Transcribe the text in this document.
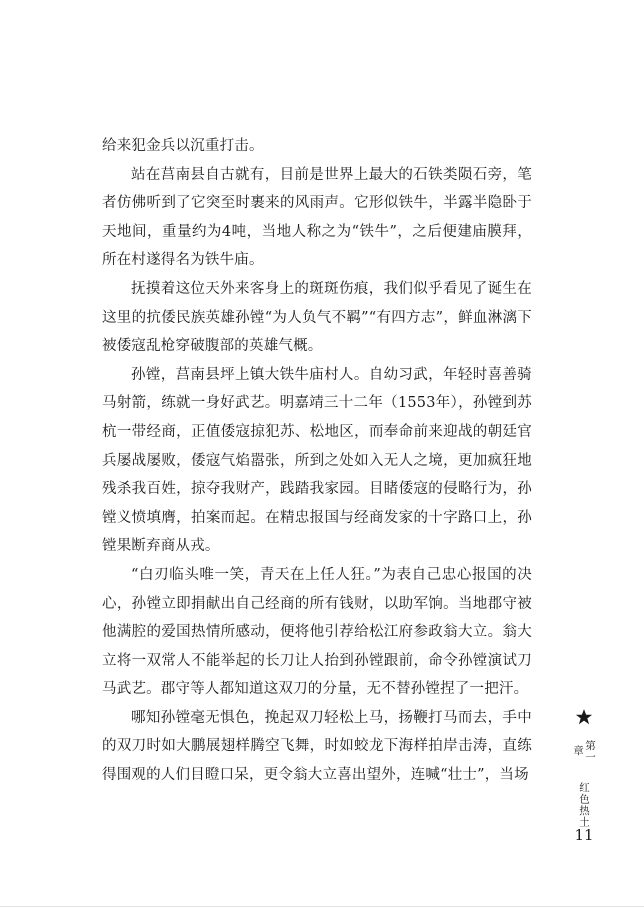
给来犯金兵以沉重打击。

站在莒南县自古就有，目前是世界上最大的石铁类陨石旁，笔者仿佛听到了它突至时裹来的风雨声。它形似铁牛，半露半隐卧于天地间，重量约为4吨，当地人称之为“铁牛”，之后便建庙膜拜，所在村遂得名为铁牛庙。

抚摸着这位天外来客身上的斑斑伤痕，我们似乎看见了诞生在这里的抗倭民族英雄孙镗“为人负气不羁”“有四方志”，鲜血淋漓下被倭寇乱枪穿破腹部的英雄气概。

孙镗，莒南县坪上镇大铁牛庙村人。自幼习武，年轻时喜善骑马射箭，练就一身好武艺。明嘉靖三十二年（1553年），孙镗到苏杭一带经商，正值倭寇掠犯苏、松地区，而奉命前来迎战的朝廷官兵屡战屡败，倭寇气焰嚣张，所到之处如入无人之境，更加疯狂地残杀我百姓，掠夺我财产，践踏我家园。目睹倭寇的侵略行为，孙镗义愤填膺，拍案而起。在精忠报国与经商发家的十字路口上，孙镗果断弃商从戎。

“白刃临头唯一笑，青天在上任人狂。”为表自己忠心报国的决心，孙镗立即捐献出自己经商的所有钱财，以助军饷。当地郡守被他满腔的爱国热情所感动，便将他引荐给松江府参政翁大立。翁大立将一双常人不能举起的长刀让人抬到孙镗跟前，命令孙镗演试刀马武艺。郡守等人都知道这双刀的分量，无不替孙镗捏了一把汗。

哪知孙镗毫无惧色，挽起双刀轻松上马，扬鞭打马而去，手中的双刀时如大鹏展翅样腾空飞舞，时如蛟龙下海样拍岸击涛，直练得围观的人们目瞪口呆，更令翁大立喜出望外，连喊“壮士”，当场

第一章
红色热土
11
